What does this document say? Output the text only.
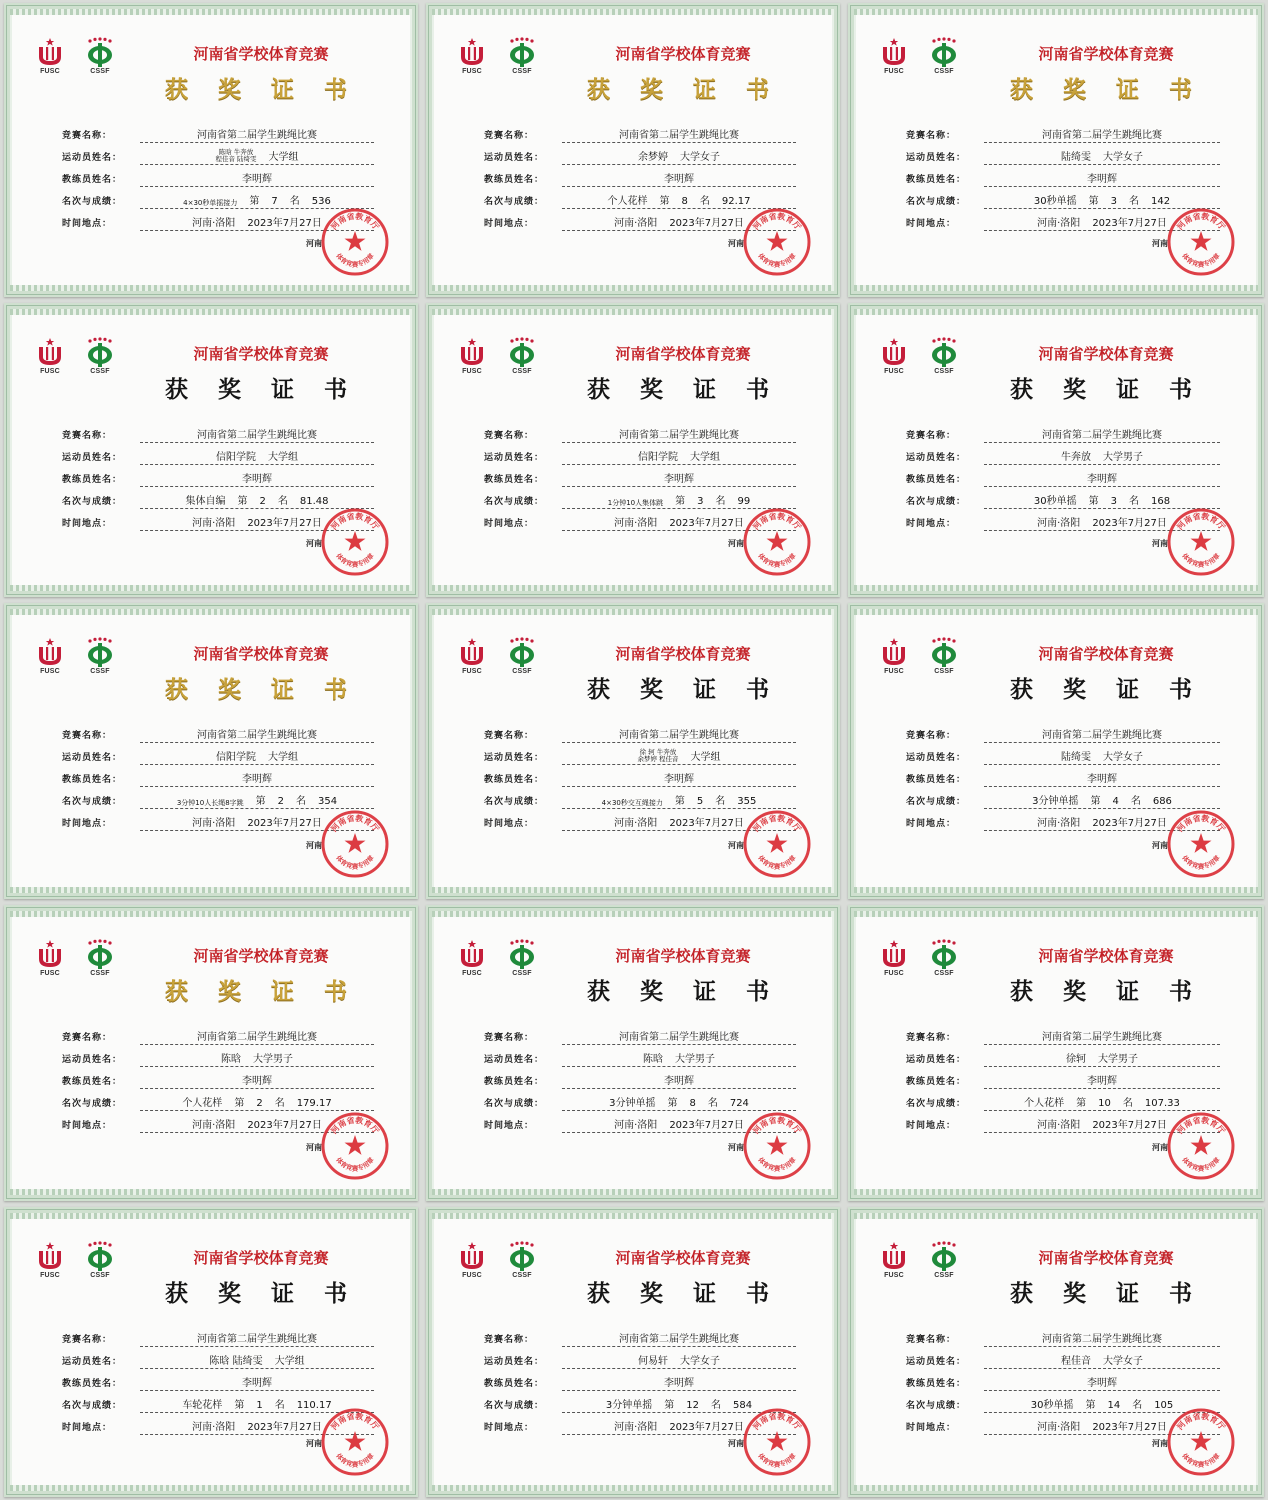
FUSC	CSSF
河南省学校体育竞赛
获奖证书
竞赛名称：	河南省第二届学生跳绳比赛
运动员姓名：
陈晗 牛奔放
程佳音 陆绮雯 大学组
教练员姓名：	李明辉
名次与成绩：	4×30秒单摇接力 第 7 名 536
时间地点：	河南·洛阳 2023年7月27日
河南
河南省教育厅
体育竞赛专用章
FUSC	CSSF
河南省学校体育竞赛
获奖证书
竞赛名称：	河南省第二届学生跳绳比赛
运动员姓名：	余梦婷 大学女子
教练员姓名：	李明辉
名次与成绩：	个人花样 第 8 名 92.17
时间地点：	河南·洛阳 2023年7月27日
河南
河南省教育厅
体育竞赛专用章
FUSC	CSSF
河南省学校体育竞赛
获奖证书
竞赛名称：	河南省第二届学生跳绳比赛
运动员姓名：	陆绮雯 大学女子
教练员姓名：	李明辉
名次与成绩：	30秒单摇 第 3 名 142
时间地点：	河南·洛阳 2023年7月27日
河南
河南省教育厅
体育竞赛专用章
FUSC	CSSF
河南省学校体育竞赛
获奖证书
竞赛名称：	河南省第二届学生跳绳比赛
运动员姓名：	信阳学院 大学组
教练员姓名：	李明辉
名次与成绩：	集体自编 第 2 名 81.48
时间地点：	河南·洛阳 2023年7月27日
河南
河南省教育厅
体育竞赛专用章
FUSC	CSSF
河南省学校体育竞赛
获奖证书
竞赛名称：	河南省第二届学生跳绳比赛
运动员姓名：	信阳学院 大学组
教练员姓名：	李明辉
名次与成绩：	1分钟10人集体跳 第 3 名 99
时间地点：	河南·洛阳 2023年7月27日
河南
河南省教育厅
体育竞赛专用章
FUSC	CSSF
河南省学校体育竞赛
获奖证书
竞赛名称：	河南省第二届学生跳绳比赛
运动员姓名：	牛奔放 大学男子
教练员姓名：	李明辉
名次与成绩：	30秒单摇 第 3 名 168
时间地点：	河南·洛阳 2023年7月27日
河南
河南省教育厅
体育竞赛专用章
FUSC	CSSF
河南省学校体育竞赛
获奖证书
竞赛名称：	河南省第二届学生跳绳比赛
运动员姓名：	信阳学院 大学组
教练员姓名：	李明辉
名次与成绩：	3分钟10人长绳8字跳 第 2 名 354
时间地点：	河南·洛阳 2023年7月27日
河南
河南省教育厅
体育竞赛专用章
FUSC	CSSF
河南省学校体育竞赛
获奖证书
竞赛名称：	河南省第二届学生跳绳比赛
运动员姓名：
徐 轲 牛奔放
余梦婷 程佳音 大学组
教练员姓名：	李明辉
名次与成绩：	4×30秒交互绳接力 第 5 名 355
时间地点：	河南·洛阳 2023年7月27日
河南
河南省教育厅
体育竞赛专用章
FUSC	CSSF
河南省学校体育竞赛
获奖证书
竞赛名称：	河南省第二届学生跳绳比赛
运动员姓名：	陆绮雯 大学女子
教练员姓名：	李明辉
名次与成绩：	3分钟单摇 第 4 名 686
时间地点：	河南·洛阳 2023年7月27日
河南
河南省教育厅
体育竞赛专用章
FUSC	CSSF
河南省学校体育竞赛
获奖证书
竞赛名称：	河南省第二届学生跳绳比赛
运动员姓名：	陈晗 大学男子
教练员姓名：	李明辉
名次与成绩：	个人花样 第 2 名 179.17
时间地点：	河南·洛阳 2023年7月27日
河南
河南省教育厅
体育竞赛专用章
FUSC	CSSF
河南省学校体育竞赛
获奖证书
竞赛名称：	河南省第二届学生跳绳比赛
运动员姓名：	陈晗 大学男子
教练员姓名：	李明辉
名次与成绩：	3分钟单摇 第 8 名 724
时间地点：	河南·洛阳 2023年7月27日
河南
河南省教育厅
体育竞赛专用章
FUSC	CSSF
河南省学校体育竞赛
获奖证书
竞赛名称：	河南省第二届学生跳绳比赛
运动员姓名：	徐轲 大学男子
教练员姓名：	李明辉
名次与成绩：	个人花样 第 10 名 107.33
时间地点：	河南·洛阳 2023年7月27日
河南
河南省教育厅
体育竞赛专用章
FUSC	CSSF
河南省学校体育竞赛
获奖证书
竞赛名称：	河南省第二届学生跳绳比赛
运动员姓名：	陈晗 陆绮雯 大学组
教练员姓名：	李明辉
名次与成绩：	车轮花样 第 1 名 110.17
时间地点：	河南·洛阳 2023年7月27日
河南
河南省教育厅
体育竞赛专用章
FUSC	CSSF
河南省学校体育竞赛
获奖证书
竞赛名称：	河南省第二届学生跳绳比赛
运动员姓名：	何易轩 大学女子
教练员姓名：	李明辉
名次与成绩：	3分钟单摇 第 12 名 584
时间地点：	河南·洛阳 2023年7月27日
河南
河南省教育厅
体育竞赛专用章
FUSC	CSSF
河南省学校体育竞赛
获奖证书
竞赛名称：	河南省第二届学生跳绳比赛
运动员姓名：	程佳音 大学女子
教练员姓名：	李明辉
名次与成绩：	30秒单摇 第 14 名 105
时间地点：	河南·洛阳 2023年7月27日
河南
河南省教育厅
体育竞赛专用章
